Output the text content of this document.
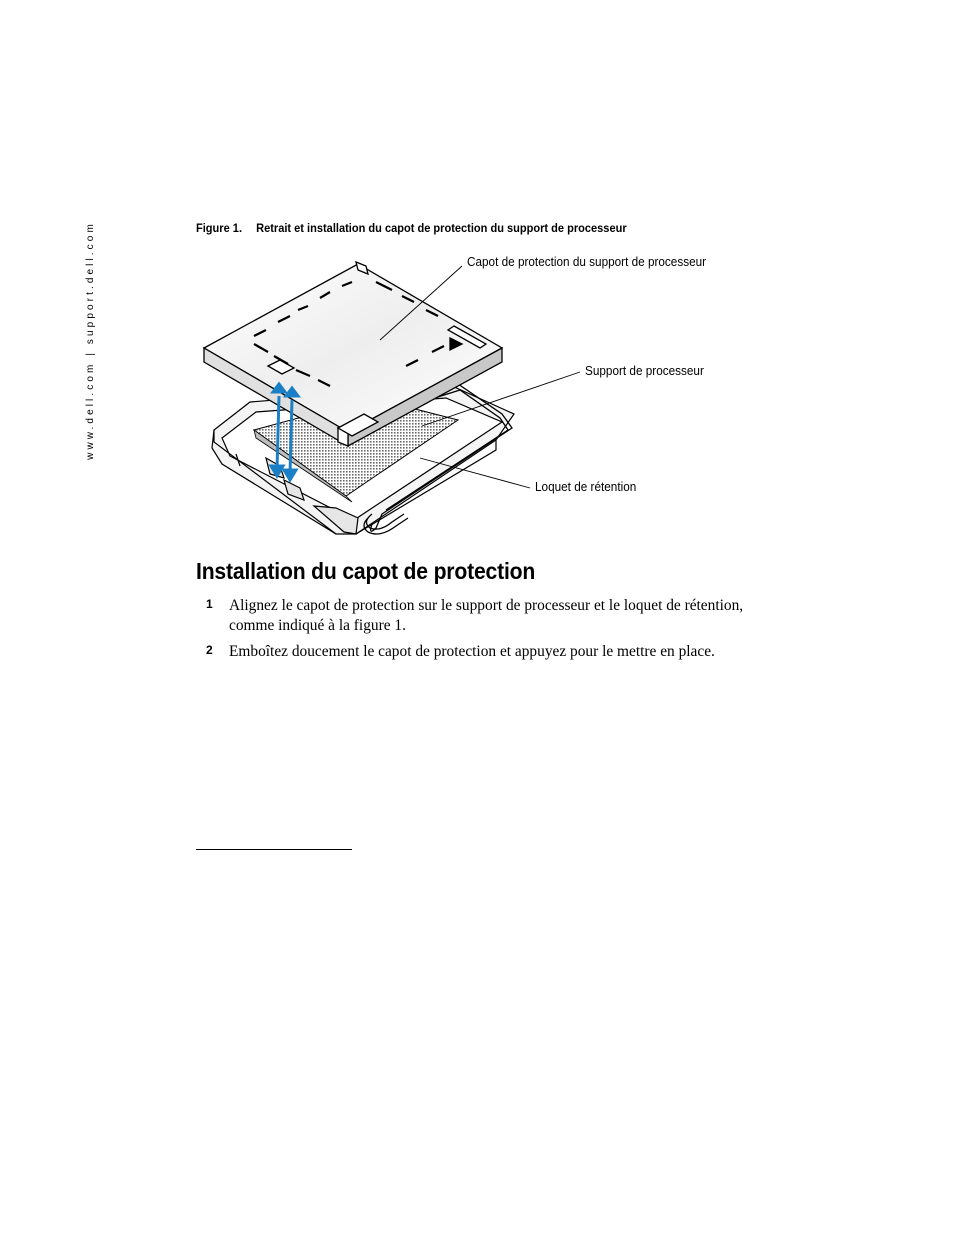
www.dell.com | support.dell.com	Figure 1. Retrait et installation du capot de protection du support de processeur
Capot de protection du support de processeur
Support de processeur
Loquet de rétention
Installation du capot de protection
1 Alignez le capot de protection sur le support de processeur et le loquet de rétention, comme indiqué à la figure 1.
2 Emboîtez doucement le capot de protection et appuyez pour le mettre en place.
